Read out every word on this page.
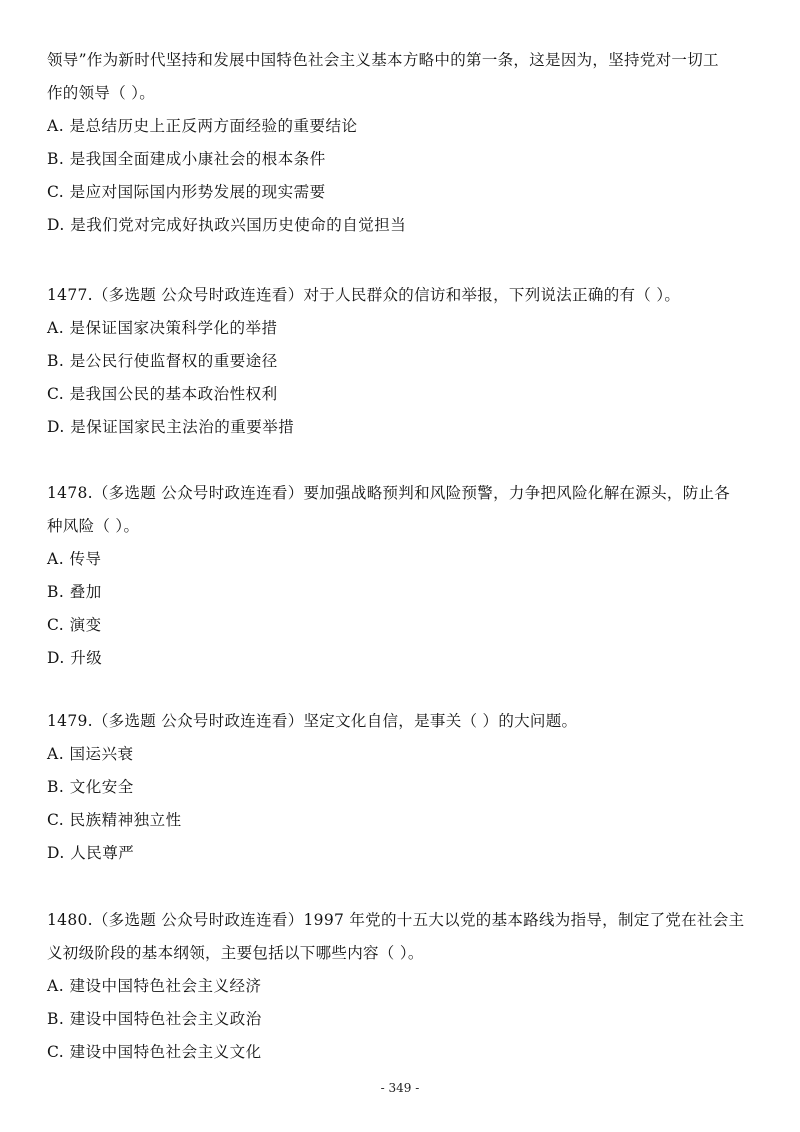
领导”作为新时代坚持和发展中国特色社会主义基本方略中的第一条，这是因为，坚持党对一切工
作的领导（ ）。
A. 是总结历史上正反两方面经验的重要结论
B. 是我国全面建成小康社会的根本条件
C. 是应对国际国内形势发展的现实需要
D. 是我们党对完成好执政兴国历史使命的自觉担当
1477.（多选题 公众号时政连连看）对于人民群众的信访和举报，下列说法正确的有（ ）。
A. 是保证国家决策科学化的举措
B. 是公民行使监督权的重要途径
C. 是我国公民的基本政治性权利
D. 是保证国家民主法治的重要举措
1478.（多选题 公众号时政连连看）要加强战略预判和风险预警，力争把风险化解在源头，防止各
种风险（ ）。
A. 传导
B. 叠加
C. 演变
D. 升级
1479.（多选题 公众号时政连连看）坚定文化自信，是事关（ ）的大问题。
A. 国运兴衰
B. 文化安全
C. 民族精神独立性
D. 人民尊严
1480.（多选题 公众号时政连连看）1997 年党的十五大以党的基本路线为指导，制定了党在社会主
义初级阶段的基本纲领，主要包括以下哪些内容（ ）。
A. 建设中国特色社会主义经济
B. 建设中国特色社会主义政治
C. 建设中国特色社会主义文化
- 349 -
